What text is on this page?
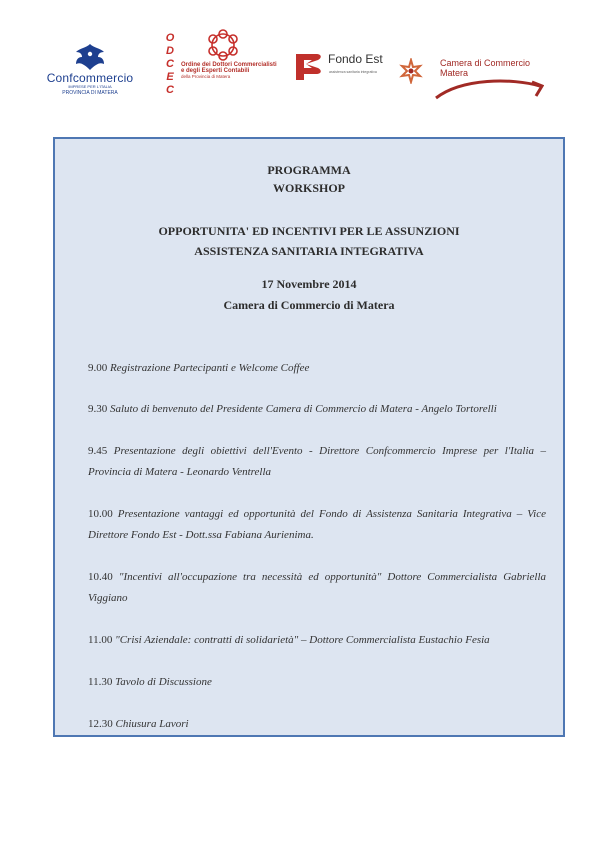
Confcommercio
IMPRESE PER L'ITALIA
PROVINCIA DI MATERA
O
D
C
E
C
Ordine dei Dottori Commercialisti
e degli Esperti Contabili
della Provincia di Matera
Fondo Est
assistenza sanitaria integrativa
Camera di Commercio
Matera
PROGRAMMA
WORKSHOP
OPPORTUNITA' ED INCENTIVI PER LE ASSUNZIONI
ASSISTENZA SANITARIA INTEGRATIVA
17 Novembre 2014
Camera di Commercio di Matera
9.00 Registrazione Partecipanti e Welcome Coffee
9.30 Saluto di benvenuto del Presidente Camera di Commercio di Matera - Angelo Tortorelli
9.45 Presentazione degli obiettivi dell'Evento - Direttore Confcommercio Imprese per l'Italia – Provincia di Matera - Leonardo Ventrella
10.00 Presentazione vantaggi ed opportunità del Fondo di Assistenza Sanitaria Integrativa – Vice Direttore Fondo Est - Dott.ssa Fabiana Aurienima.
10.40 "Incentivi all'occupazione tra necessità ed opportunità" Dottore Commercialista Gabriella Viggiano
11.00 "Crisi Aziendale: contratti di solidarietà" – Dottore Commercialista Eustachio Fesia
11.30 Tavolo di Discussione
12.30 Chiusura Lavori
